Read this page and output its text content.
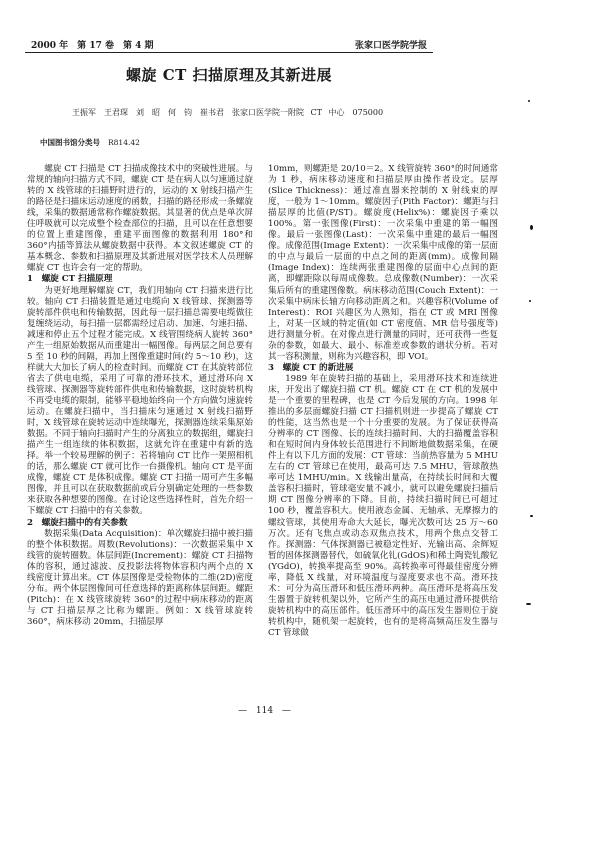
2000 年　第 17 卷　第 4 期	张家口医学院学报
螺旋 CT 扫描原理及其新进展
王振军　王君琛　刘　昭　何　钧　崔书君　张家口医学院一附院 CT 中心　075000
中国图书馆分类号 R814.42

螺旋 CT 扫描是 CT 扫描成像技术中的突破性进展。与常规的轴向扫描方式不同，螺旋 CT 是在病人以匀速通过旋转的 X 线管球的扫描野时进行的，运动的 X 射线扫描产生的路径是扫描床运动速度的函数，扫描的路径形成一条螺旋线，采集的数据通常称作螺旋数据。其显著的优点是单次屏住呼吸就可以完成整个检查部位的扫描，且可以在任意想要的位置上重建图像，重建平面图像的数据利用 180°和 360°内插等算法从螺旋数据中获得。本文叙述螺旋 CT 的基本概念、参数和扫描原理及其新进展对医学技术人员理解螺旋 CT 也许会有一定的帮助。

1　螺旋 CT 扫描原理

为更好地理解螺旋 CT，我们用轴向 CT 扫描来进行比较。轴向 CT 扫描装置是通过电缆向 X 线管球、探测器等旋转部件供电和传输数据，因此每一层扫描总需要电缆做往复缠绕运动，每扫描一层都需经过启动、加速、匀速扫描、减速和停止五个过程才能完成。X 线管围绕病人旋转 360°产生一组原始数据从而重建出一幅图像。每两层之间总要有 5 至 10 秒的间隔，再加上图像重建时间(约 5～10 秒)，这样就大大加长了病人的检查时间。而螺旋 CT 在其旋转部位省去了供电电缆，采用了可靠的滑环技术，通过滑环向 X 线管球、探测器等旋转部件供电和传输数据，这时旋转机构不再受电缆的限制，能够平稳地始终向一个方向做匀速旋转运动。在螺旋扫描中，当扫描床匀速通过 X 射线扫描野时，X 线管球在旋转运动中连续曝光，探测器连续采集原始数据。不同于轴向扫描时产生的分离独立的数据组，螺旋扫描产生一组连续的体积数据，这就允许在重建中有新的选择。举一个较易理解的例子：若将轴向 CT 比作一架照相机的话，那么螺旋 CT 就可比作一台摄像机。轴向 CT 是平面成像，螺旋 CT 是体积成像。螺旋 CT 扫描一周可产生多幅图像，并且可以在获取数据前或后分别确定处理的一些参数来获取各种想要的图像。在讨论这些选择性时，首先介绍一下螺旋 CT 扫描中的有关参数。

2　螺旋扫描中的有关参数

数据采集(Data Acquisition)：单次螺旋扫描中被扫描的整个体积数据。周数(Revolutions)：一次数据采集中 X 线管的旋转圈数。体层间距(Increment)：螺旋 CT 扫描物体的容积，通过滤波、反投影法将物体容积内两个点的 X 线密度计算出来。CT 体层图像是受检物体的二维(2D)密度分布。两个体层图像间可任意选择的距离称体层间距。螺距(Pitch)：在 X 线管球旋转 360°的过程中病床移动的距离与 CT 扫描层厚之比称为螺距。例如：X 线管球旋转 360°，病床移动 20mm，扫描层厚

10mm，则螺距是 20/10＝2。X 线管旋转 360°的时间通常为 1 秒，病床移动速度和扫描层厚由操作者设定。层厚(Slice Thickness)：通过准直器来控制的 X 射线束的厚度，一般为 1～10mm。螺旋因子(Pith Factor)：螺距与扫描层厚的比值(P/ST)。螺旋度(Helix%)：螺旋因子乘以 100%。第一张图像(First)：一次采集中重建的第一幅图像。最后一张图像(Last)：一次采集中重建的最后一幅图像。成像范围(Image Extent)：一次采集中成像的第一层面的中点与最后一层面的中点之间的距离(mm)。成像间隔(Image Index)：连续两张重建图像的层面中心点间的距离，即螺距除以每周成像数。总成像数(Number)：一次采集后所有的重建图像数。病床移动范围(Couch Extent)：一次采集中病床长轴方向移动距离之和。兴趣容积(Volume of Interest)：ROI 兴趣区为人熟知，指在 CT 或 MRI 图像上，对某一区域的特定值(如 CT 密度值、MR 信号强度等)进行测量分析。在对像点进行测量的同时，还可获得一些复杂的参数，如最大、最小、标准差或参数的谱状分析。若对其一容积测量，则称为兴趣容积，即 VOI。

3　螺旋 CT 的新进展

1989 年在旋转扫描的基础上，采用滑环技术和连续进床，开发出了螺旋扫描 CT 机。螺旋 CT 在 CT 机的发展中是一个重要的里程碑，也是 CT 今后发展的方向。1998 年推出的多层面螺旋扫描 CT 扫描机则进一步提高了螺旋 CT 的性能，这当然也是一个十分重要的发展。为了保证获得高分辨率的 CT 图像、长的连续扫描时间、大的扫描覆盖容积和在短时间内身体较长范围进行不间断地做数据采集，在硬件上有以下几方面的发展：CT 管球：当前热容量为 5 MHU 左右的 CT 管球已在使用，最高可达 7.5 MHU，管球散热率可达 1MHU/min。X 线输出量高，在持续长时间和大覆盖容积扫描时，管球毫安量不减小，就可以避免螺旋扫描后期 CT 图像分辨率的下降。目前，持续扫描时间已可超过 100 秒，覆盖容积大。使用液态金属、无轴承、无摩擦力的螺纹管球，其使用寿命大大延长，曝光次数可达 25 万～60 万次。还有飞焦点或动态双焦点技术，用两个焦点交替工作。探测器：气体探测器已被稳定性好、光输出高、余辉短暂的固体探测器替代，如硫氧化钆(GdOS)和稀土陶瓷钆酸钇(YGdO)，转换率提高至 90%。高转换率可得最佳密度分辨率，降低 X 线量，对环境温度与湿度要求也不高。滑环技术：可分为高压滑环和低压滑环两种。高压滑环是将高压发生器置于旋转机架以外，它所产生的高压电通过滑环提供给旋转机构中的高压部件。低压滑环中的高压发生器则位于旋转机构中，随机架一起旋转，也有的是将高频高压发生器与 CT 管球做

— 114 —
